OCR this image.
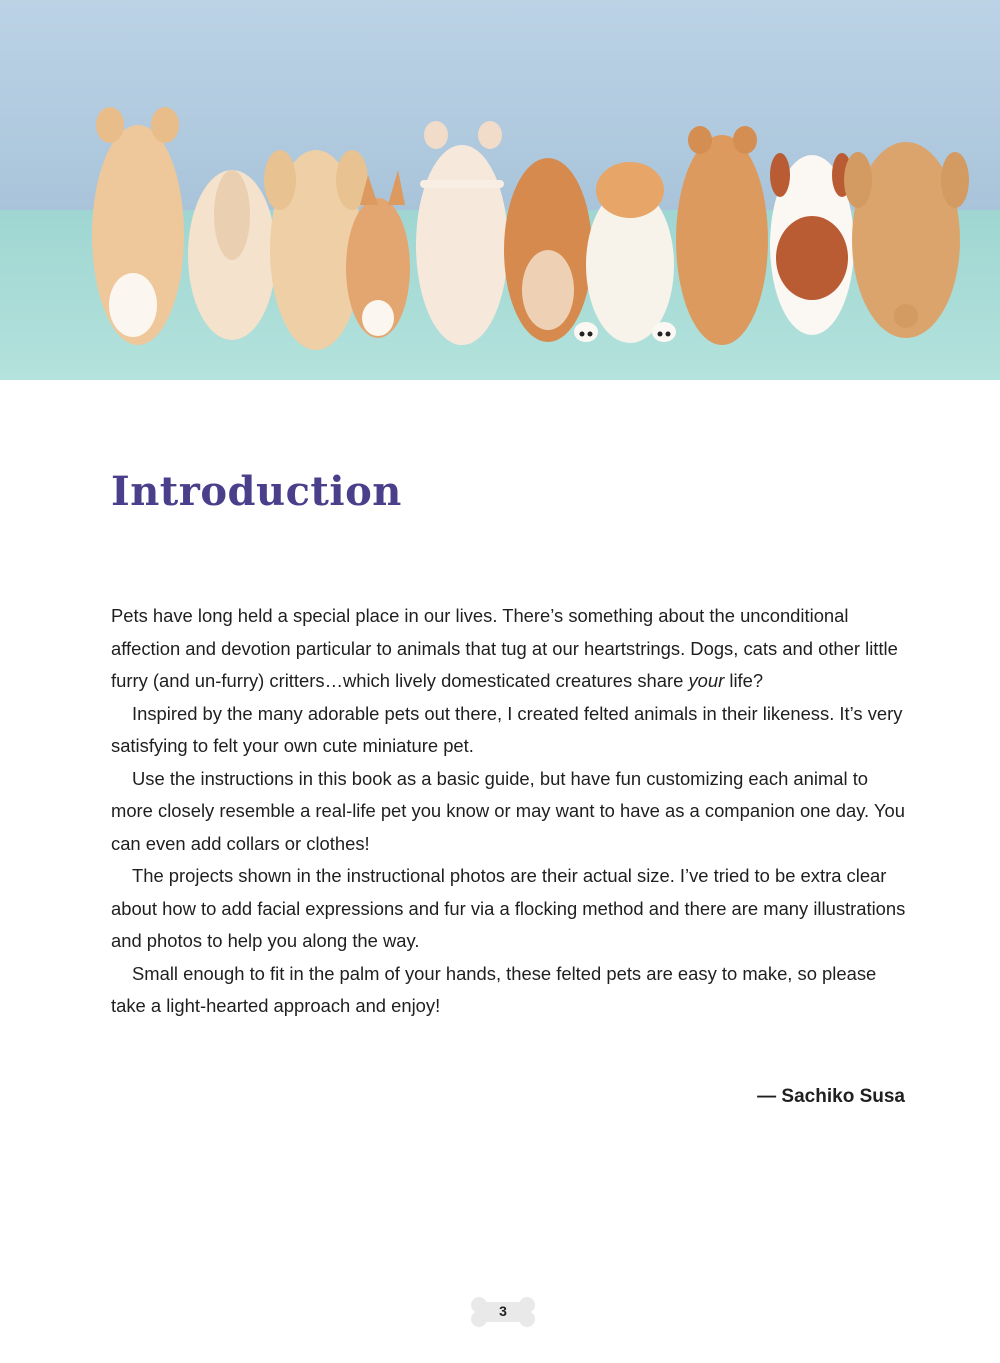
Introduction

Pets have long held a special place in our lives. There’s something about the unconditional affection and devotion particular to animals that tug at our heartstrings. Dogs, cats and other little furry (and un-furry) critters…which lively domesticated creatures share your life?

Inspired by the many adorable pets out there, I created felted animals in their likeness. It’s very satisfying to felt your own cute miniature pet.

Use the instructions in this book as a basic guide, but have fun customizing each animal to more closely resemble a real-life pet you know or may want to have as a companion one day. You can even add collars or clothes!

The projects shown in the instructional photos are their actual size. I’ve tried to be extra clear about how to add facial expressions and fur via a flocking method and there are many illustrations and photos to help you along the way.

Small enough to fit in the palm of your hands, these felted pets are easy to make, so please take a light-hearted approach and enjoy!

— Sachiko Susa
3
